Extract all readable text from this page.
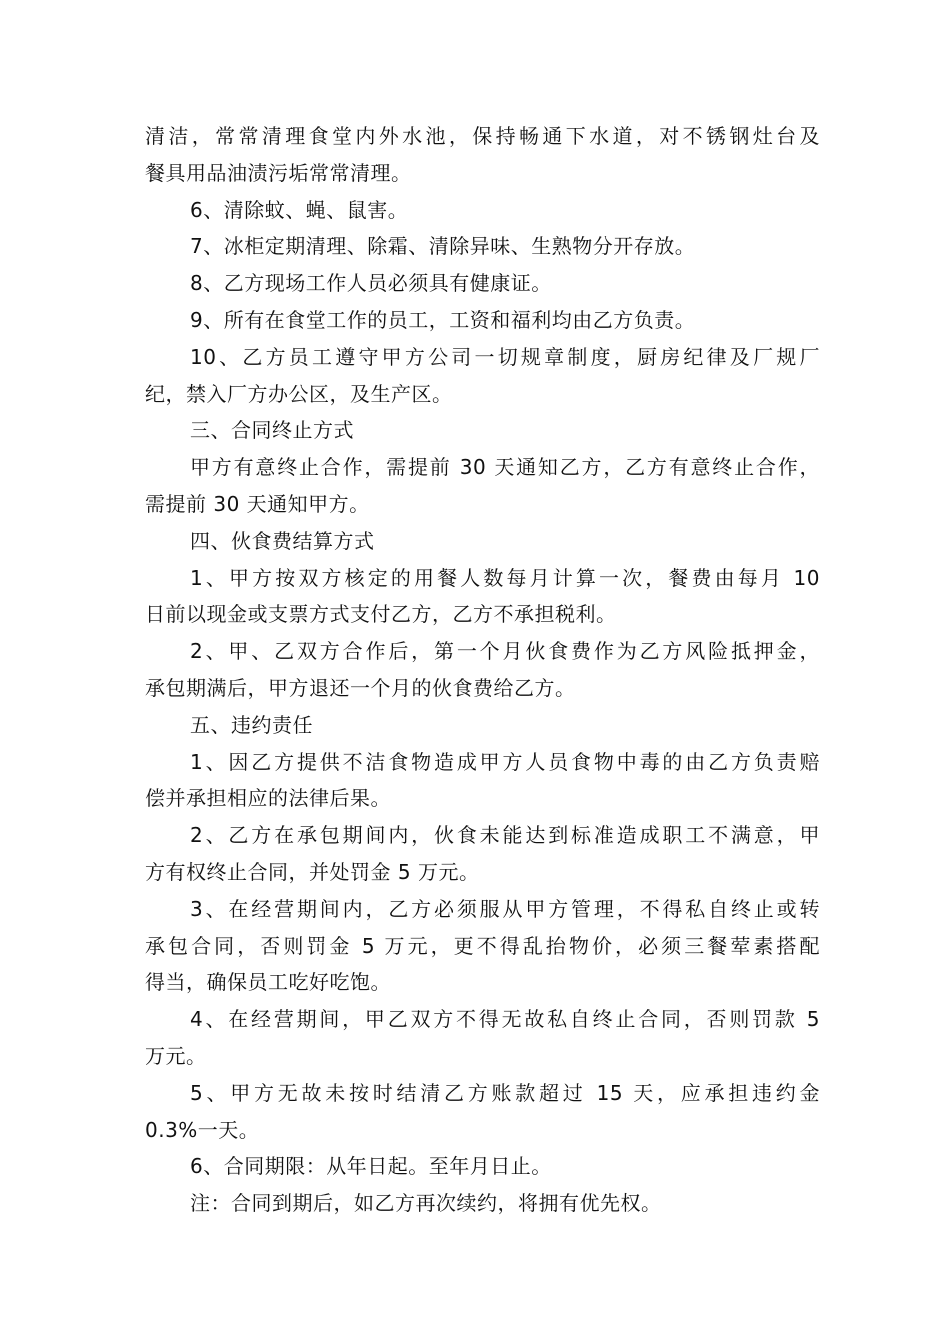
清洁，常常清理食堂内外水池，保持畅通下水道，对不锈钢灶台及
餐具用品油渍污垢常常清理。
6、清除蚊、蝇、鼠害。
7、冰柜定期清理、除霜、清除异味、生熟物分开存放。
8、乙方现场工作人员必须具有健康证。
9、所有在食堂工作的员工，工资和福利均由乙方负责。
10、乙方员工遵守甲方公司一切规章制度，厨房纪律及厂规厂
纪，禁入厂方办公区，及生产区。
三、合同终止方式
甲方有意终止合作，需提前 30 天通知乙方，乙方有意终止合作，
需提前 30 天通知甲方。
四、伙食费结算方式
1、甲方按双方核定的用餐人数每月计算一次，餐费由每月 10
日前以现金或支票方式支付乙方，乙方不承担税利。
2、甲、乙双方合作后，第一个月伙食费作为乙方风险抵押金，
承包期满后，甲方退还一个月的伙食费给乙方。
五、违约责任
1、因乙方提供不洁食物造成甲方人员食物中毒的由乙方负责赔
偿并承担相应的法律后果。
2、乙方在承包期间内，伙食未能达到标准造成职工不满意，甲
方有权终止合同，并处罚金 5 万元。
3、在经营期间内，乙方必须服从甲方管理，不得私自终止或转
承包合同，否则罚金 5 万元，更不得乱抬物价，必须三餐荤素搭配
得当，确保员工吃好吃饱。
4、在经营期间，甲乙双方不得无故私自终止合同，否则罚款 5
万元。
5、甲方无故未按时结清乙方账款超过 15 天，应承担违约金
0.3%一天。
6、合同期限：从年日起。至年月日止。
注：合同到期后，如乙方再次续约，将拥有优先权。
